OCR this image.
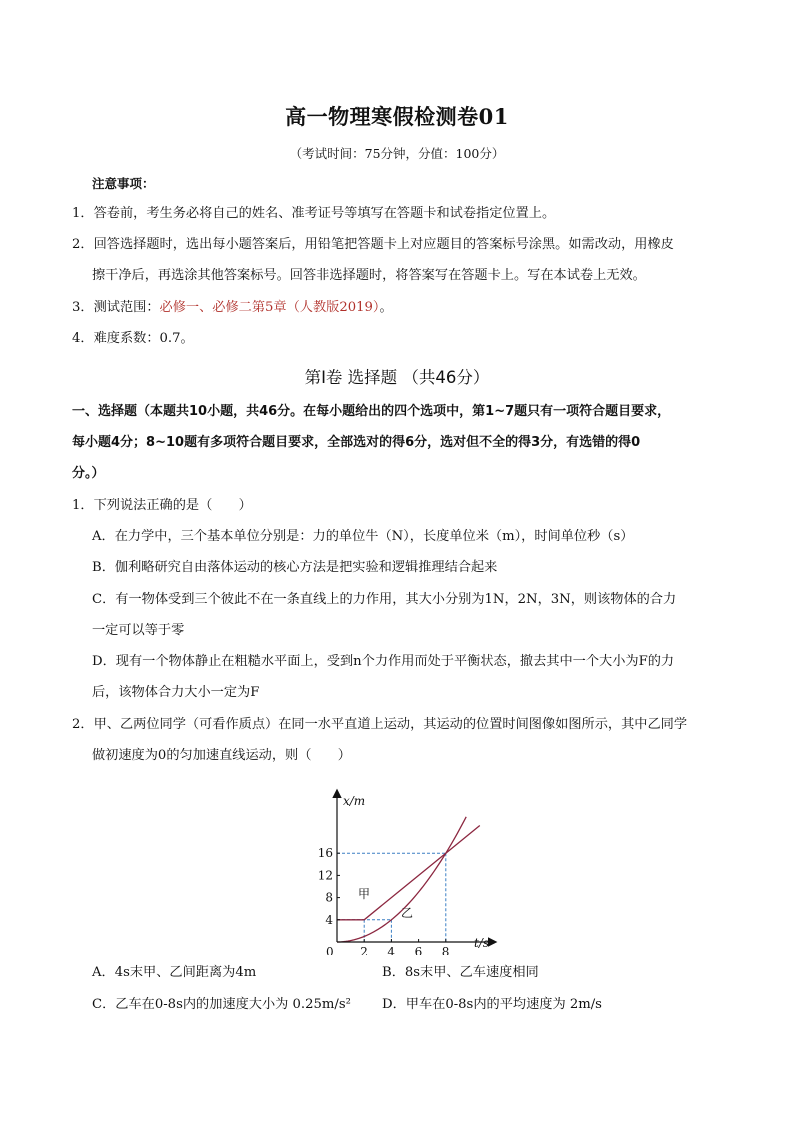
高一物理寒假检测卷01
（考试时间：75分钟，分值：100分）
注意事项：
1．答卷前，考生务必将自己的姓名、准考证号等填写在答题卡和试卷指定位置上。
2．回答选择题时，选出每小题答案后，用铅笔把答题卡上对应题目的答案标号涂黑。如需改动，用橡皮
擦干净后，再选涂其他答案标号。回答非选择题时，将答案写在答题卡上。写在本试卷上无效。
3．测试范围：必修一、必修二第5章（人教版2019）。
4．难度系数：0.7。
第Ⅰ卷 选择题 （共46分）
一、选择题（本题共10小题，共46分。在每小题给出的四个选项中，第1~7题只有一项符合题目要求，
每小题4分；8~10题有多项符合题目要求，全部选对的得6分，选对但不全的得3分，有选错的得0
分。）
1．下列说法正确的是（　　）
A．在力学中，三个基本单位分别是：力的单位牛（N），长度单位米（m），时间单位秒（s）
B．伽利略研究自由落体运动的核心方法是把实验和逻辑推理结合起来
C．有一物体受到三个彼此不在一条直线上的力作用，其大小分别为1N，2N，3N，则该物体的合力
一定可以等于零
D．现有一个物体静止在粗糙水平面上，受到n个力作用而处于平衡状态，撤去其中一个大小为F的力
后，该物体合力大小一定为F
2．甲、乙两位同学（可看作质点）在同一水平直道上运动，其运动的位置时间图像如图所示，其中乙同学
做初速度为0的匀加速直线运动，则（　　）
0 2 4 6 8
4
8
12
16
x/m
t/s
甲
乙
A．4s末甲、乙间距离为4m	B．8s末甲、乙车速度相同
C．乙车在0-8s内的加速度大小为 0.25m/s² D．甲车在0-8s内的平均速度为 2m/s
